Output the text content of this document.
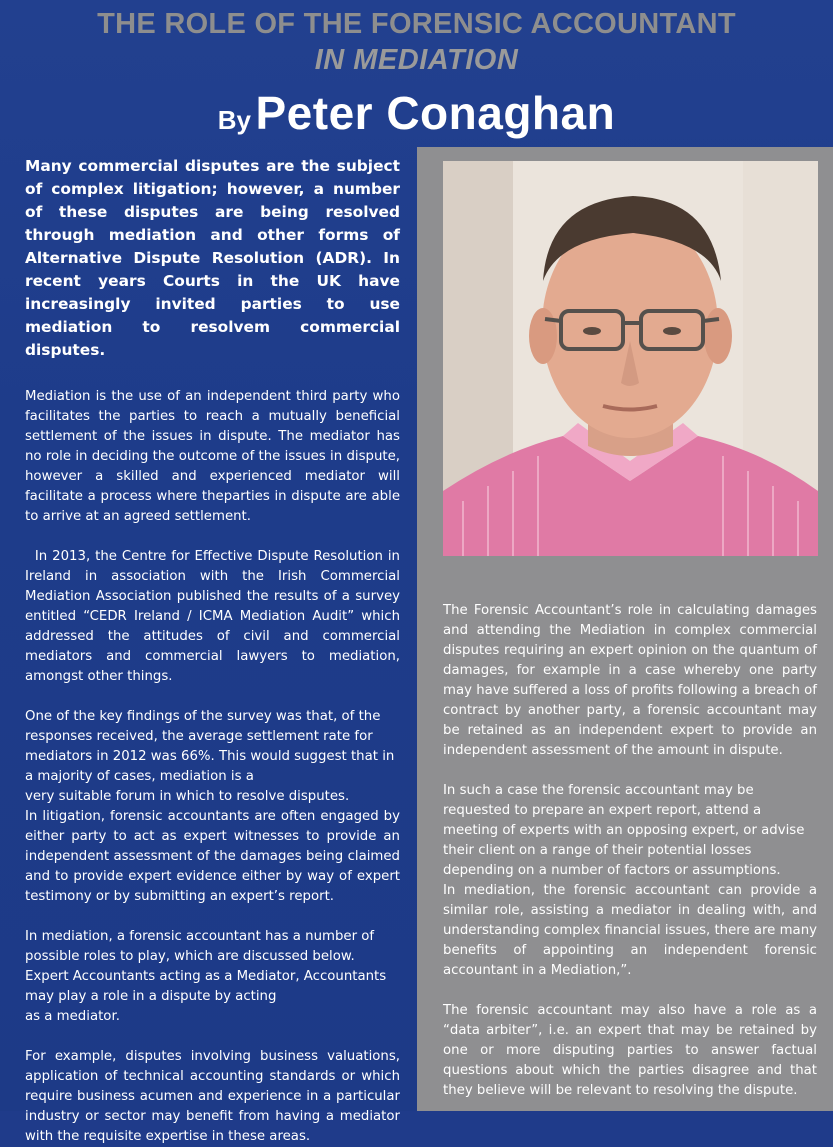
THE ROLE OF THE FORENSIC ACCOUNTANT
IN MEDIATION
By Peter Conaghan

Many commercial disputes are the subject of complex litigation; however, a number of these disputes are being resolved through mediation and other forms of Alternative Dispute Resolution (ADR). In recent years Courts in the UK have increasingly invited parties to use mediation to resolvem commercial disputes.

Mediation is the use of an independent third party who facilitates the parties to reach a mutually beneficial settlement of the issues in dispute. The mediator has no role in deciding the outcome of the issues in dispute, however a skilled and experienced mediator will facilitate a process where theparties in dispute are able to arrive at an agreed settlement.

In 2013, the Centre for Effective Dispute Resolution in Ireland in association with the Irish Commercial Mediation Association published the results of a survey entitled “CEDR Ireland / ICMA Mediation Audit” which addressed the attitudes of civil and commercial mediators and commercial lawyers to mediation, amongst other things.

One of the key findings of the survey was that, of the responses received, the average settlement rate for mediators in 2012 was 66%. This would suggest that in a majority of cases, mediation is a

very suitable forum in which to resolve disputes.

In litigation, forensic accountants are often engaged by either party to act as expert witnesses to provide an independent assessment of the damages being claimed and to provide expert evidence either by way of expert testimony or by submitting an expert’s report.

In mediation, a forensic accountant has a number of possible roles to play, which are discussed below. Expert Accountants acting as a Mediator, Accountants may play a role in a dispute by acting

as a mediator.

For example, disputes involving business valuations, application of technical accounting standards or which require business acumen and experience in a particular industry or sector may benefit from having a mediator with the requisite expertise in these areas.

The Forensic Accountant’s role in calculating damages and attending the Mediation in complex commercial disputes requiring an expert opinion on the quantum of damages, for example in a case whereby one party may have suffered a loss of profits following a breach of contract by another party, a forensic accountant may be retained as an independent expert to provide an independent assessment of the amount in dispute.

In such a case the forensic accountant may be requested to prepare an expert report, attend a meeting of experts with an opposing expert, or advise their client on a range of their potential losses

depending on a number of factors or assumptions.

In mediation, the forensic accountant can provide a similar role, assisting a mediator in dealing with, and understanding complex financial issues, there are many benefits of appointing an independent forensic accountant in a Mediation,”.

The forensic accountant may also have a role as a “data arbiter”, i.e. an expert that may be retained by one or more disputing parties to answer factual questions about which the parties disagree and that they believe will be relevant to resolving the dispute.
